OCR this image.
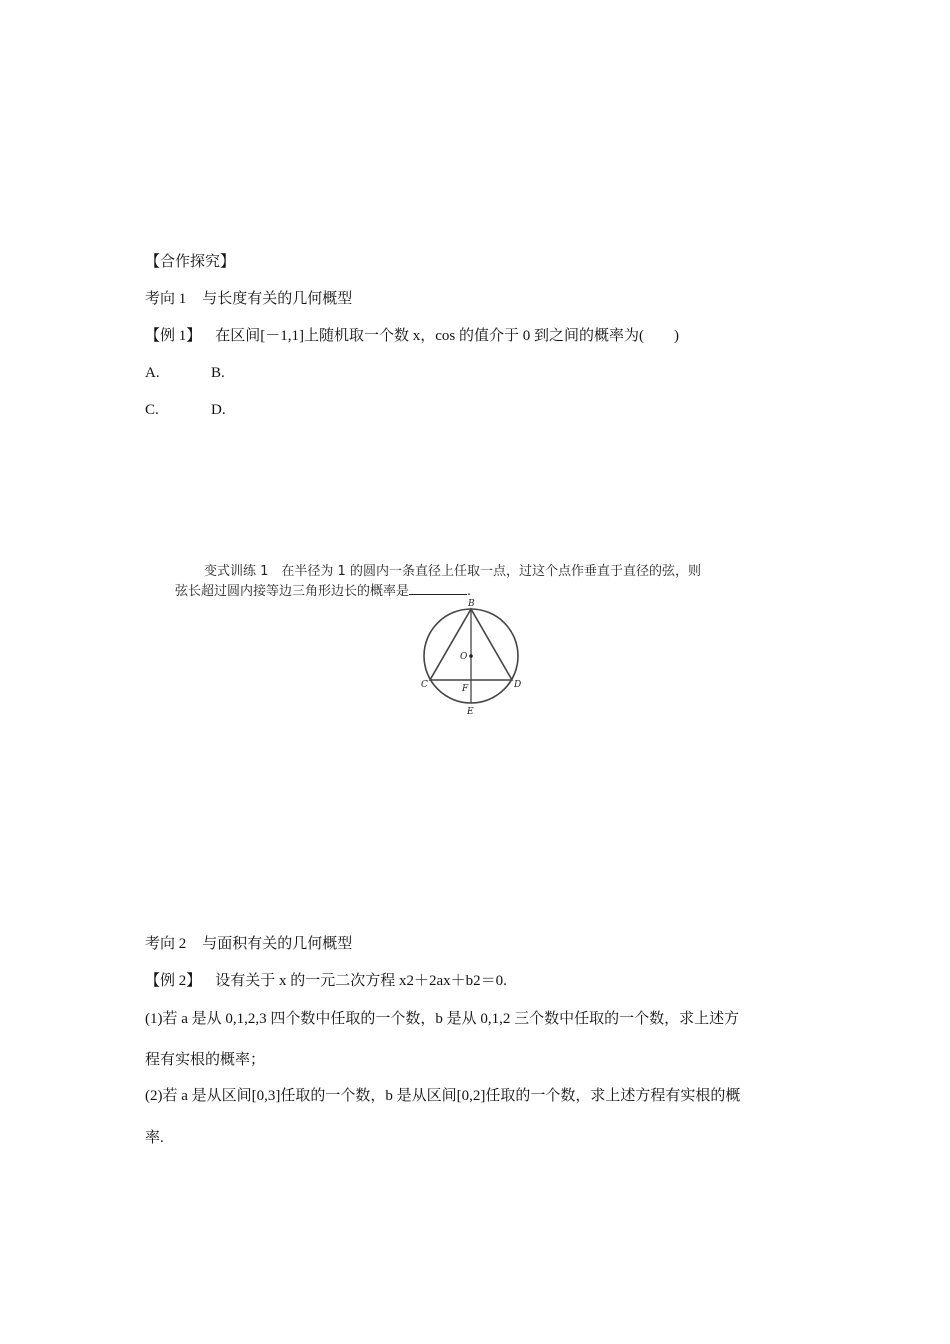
【合作探究】
考向 1 与长度有关的几何概型
【例 1】 在区间[－1,1]上随机取一个数 x，cos 的值介于 0 到之间的概率为(　　)
A.	B.
C.	D.
变式训练 1　在半径为 1 的圆内一条直径上任取一点，过这个点作垂直于直径的弦，则
弦长超过圆内接等边三角形边长的概率是	.
B
O
C	F	D
E
考向 2 与面积有关的几何概型
【例 2】 设有关于 x 的一元二次方程 x2＋2ax＋b2＝0.
(1)若 a 是从 0,1,2,3 四个数中任取的一个数，b 是从 0,1,2 三个数中任取的一个数，求上述方
程有实根的概率；
(2)若 a 是从区间[0,3]任取的一个数，b 是从区间[0,2]任取的一个数，求上述方程有实根的概
率.
